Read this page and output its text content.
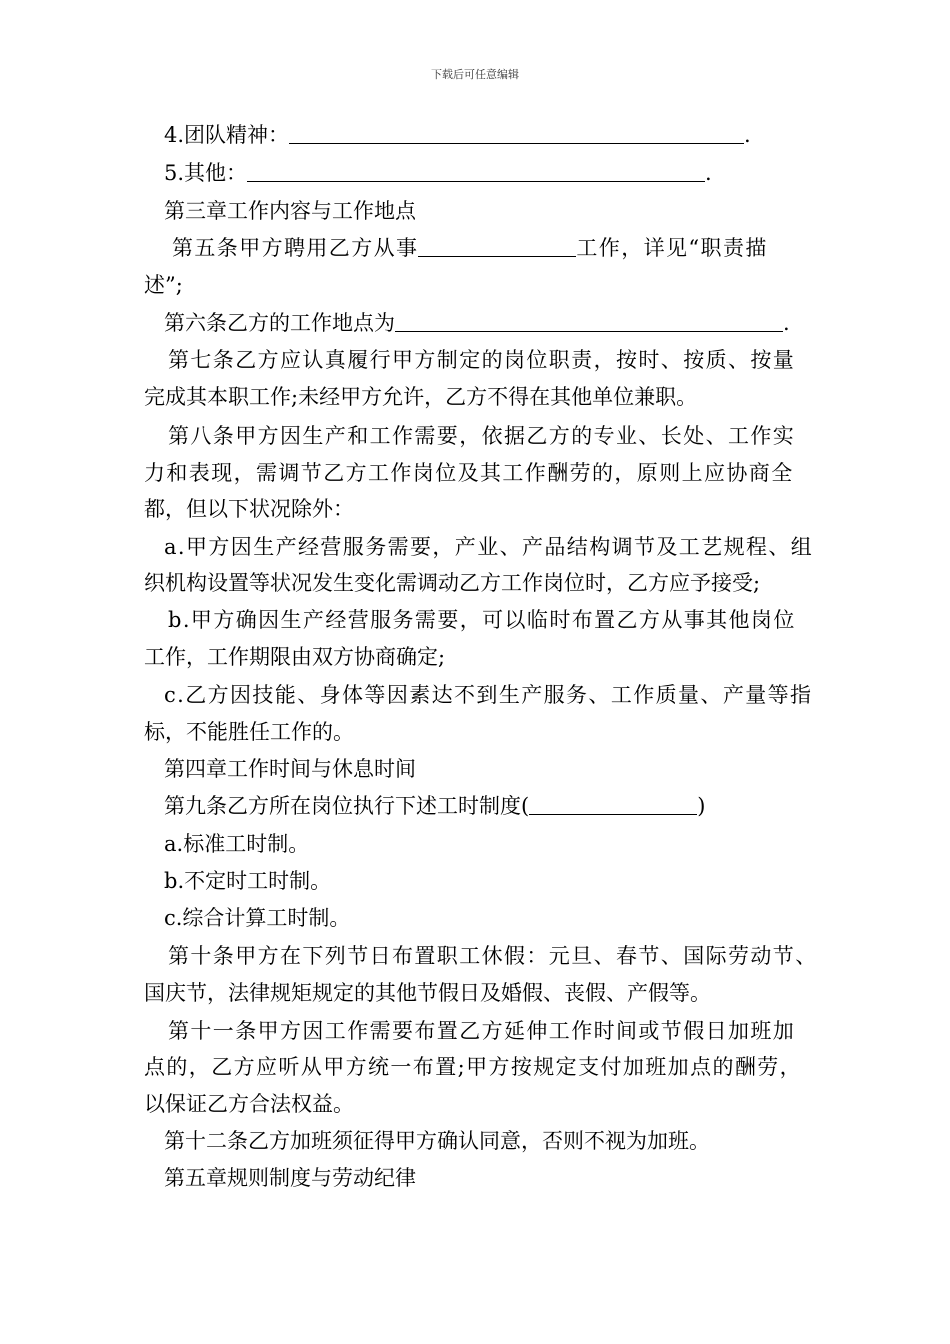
下载后可任意编辑
4.团队精神：	.
5.其他：	.
第三章工作内容与工作地点
第五条甲方聘用乙方从事	工作，详见“职责描
述”;
第六条乙方的工作地点为	.
第七条乙方应认真履行甲方制定的岗位职责，按时、按质、按量
完成其本职工作;未经甲方允许，乙方不得在其他单位兼职。
第八条甲方因生产和工作需要，依据乙方的专业、长处、工作实
力和表现，需调节乙方工作岗位及其工作酬劳的，原则上应协商全
都，但以下状况除外：
a.甲方因生产经营服务需要，产业、产品结构调节及工艺规程、组
织机构设置等状况发生变化需调动乙方工作岗位时，乙方应予接受;
b.甲方确因生产经营服务需要，可以临时布置乙方从事其他岗位
工作，工作期限由双方协商确定;
c.乙方因技能、身体等因素达不到生产服务、工作质量、产量等指
标，不能胜任工作的。
第四章工作时间与休息时间
第九条乙方所在岗位执行下述工时制度(	)
a.标准工时制。
b.不定时工时制。
c.综合计算工时制。
第十条甲方在下列节日布置职工休假：元旦、春节、国际劳动节、
国庆节，法律规矩规定的其他节假日及婚假、丧假、产假等。
第十一条甲方因工作需要布置乙方延伸工作时间或节假日加班加
点的，乙方应听从甲方统一布置;甲方按规定支付加班加点的酬劳，
以保证乙方合法权益。
第十二条乙方加班须征得甲方确认同意，否则不视为加班。
第五章规则制度与劳动纪律
